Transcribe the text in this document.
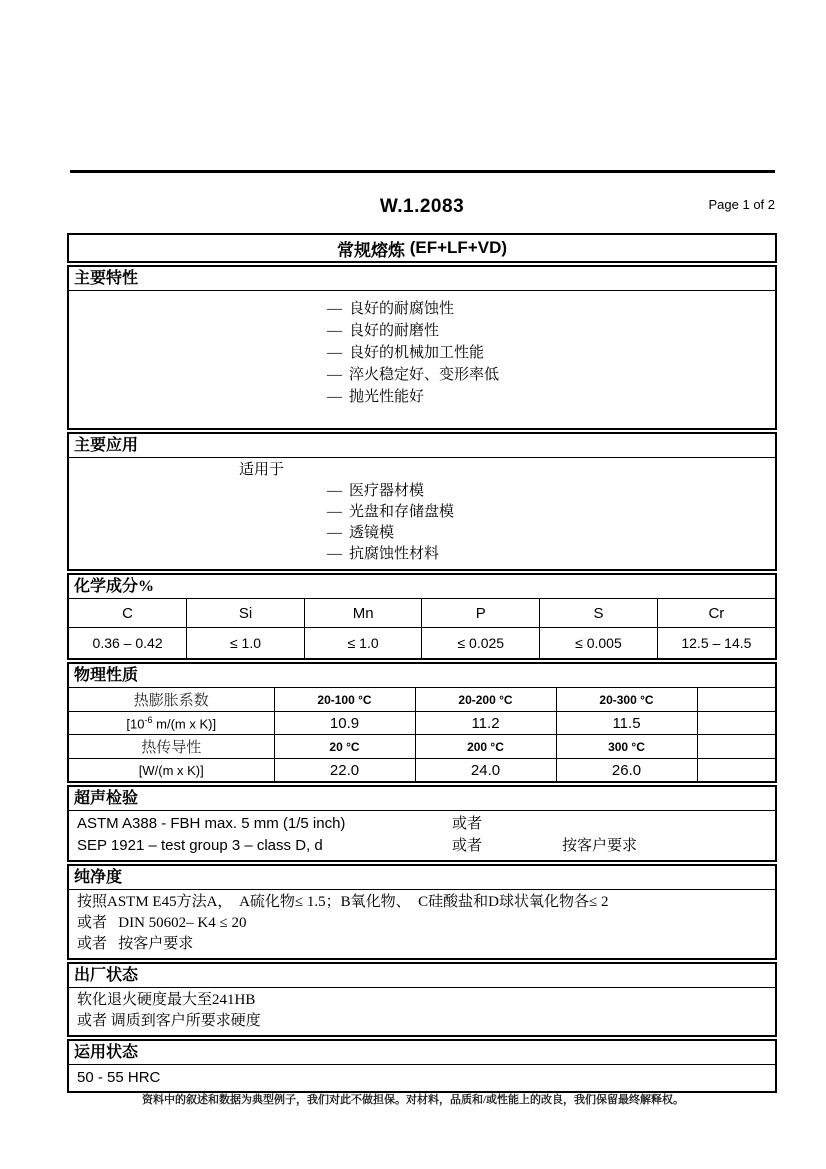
W.1.2083	Page 1 of 2
常规熔炼
(EF+LF+VD)
主要特性
— 良好的耐腐蚀性
— 良好的耐磨性
— 良好的机械加工性能
— 淬火稳定好、变形率低
— 抛光性能好
主要应用
适用于
— 医疗器材模
— 光盘和存储盘模
— 透镜模
— 抗腐蚀性材料
化学成分%
C	Si	Mn	P	S	Cr
0.36 – 0.42	≤ 1.0	≤ 1.0	≤ 0.025	≤ 0.005	12.5 – 14.5
物理性质
热膨胀系数	20-100 °C	20-200 °C	20-300 °C	
[$10^{-6}$ m/(m x K)]	10.9	11.2	11.5	
热传导性	20 °C	200 °C	300 °C	
[W/(m x K)]	22.0	24.0	26.0	
超声检验
ASTM A388 - FBH max. 5 mm (1/5 inch)	或者
SEP 1921 – test group 3 – class D, d	或者	按客户要求
纯净度
按照ASTM E45方法A，  A硫化物≤ 1.5；B氧化物、  C硅酸盐和D球状氧化物各≤ 2
或者   DIN 50602– K4 ≤ 20
或者   按客户要求
出厂状态
软化退火硬度最大至241HB
或者 调质到客户所要求硬度
运用状态
50 - 55 HRC
资料中的叙述和数据为典型例子，我们对此不做担保。对材料，品质和/或性能上的改良，我们保留最终解释权。
